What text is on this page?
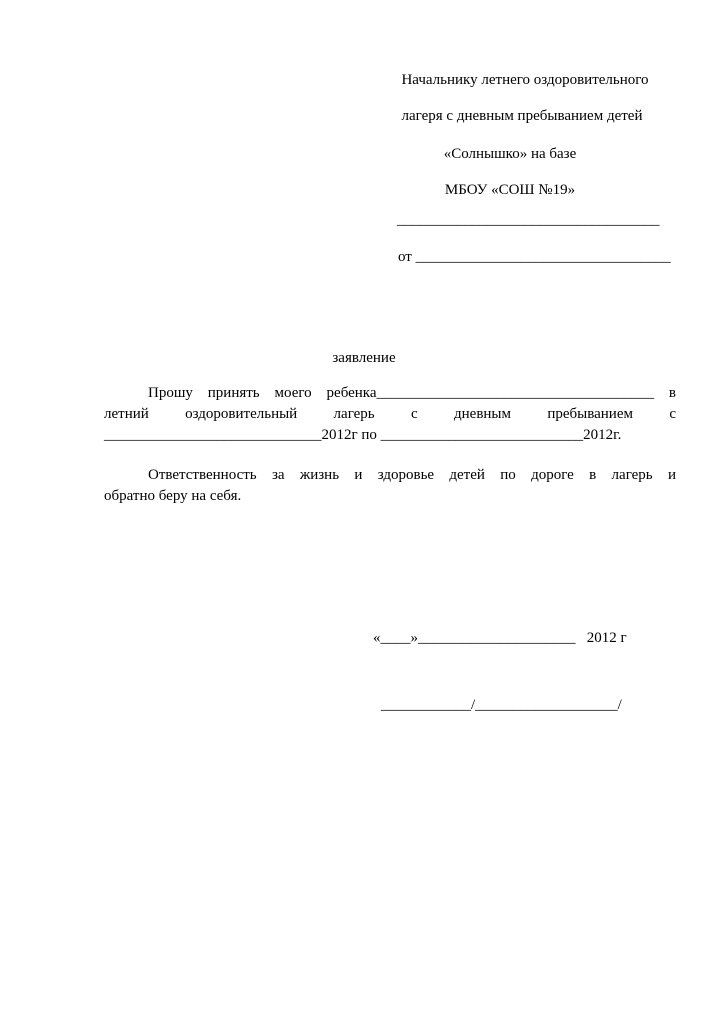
Начальнику летнего оздоровительного
лагеря с дневным пребыванием детей
«Солнышко» на базе
МБОУ «СОШ №19»
___________________________________
от __________________________________
заявление
Прошу принять моего ребенка_____________________________________ в
летний оздоровительный лагерь с дневным пребыванием с
_____________________________2012г по ___________________________2012г.
Ответственность за жизнь и здоровье детей по дороге в лагерь и
обратно беру на себя.
«____»_____________________   2012 г
____________/___________________/
